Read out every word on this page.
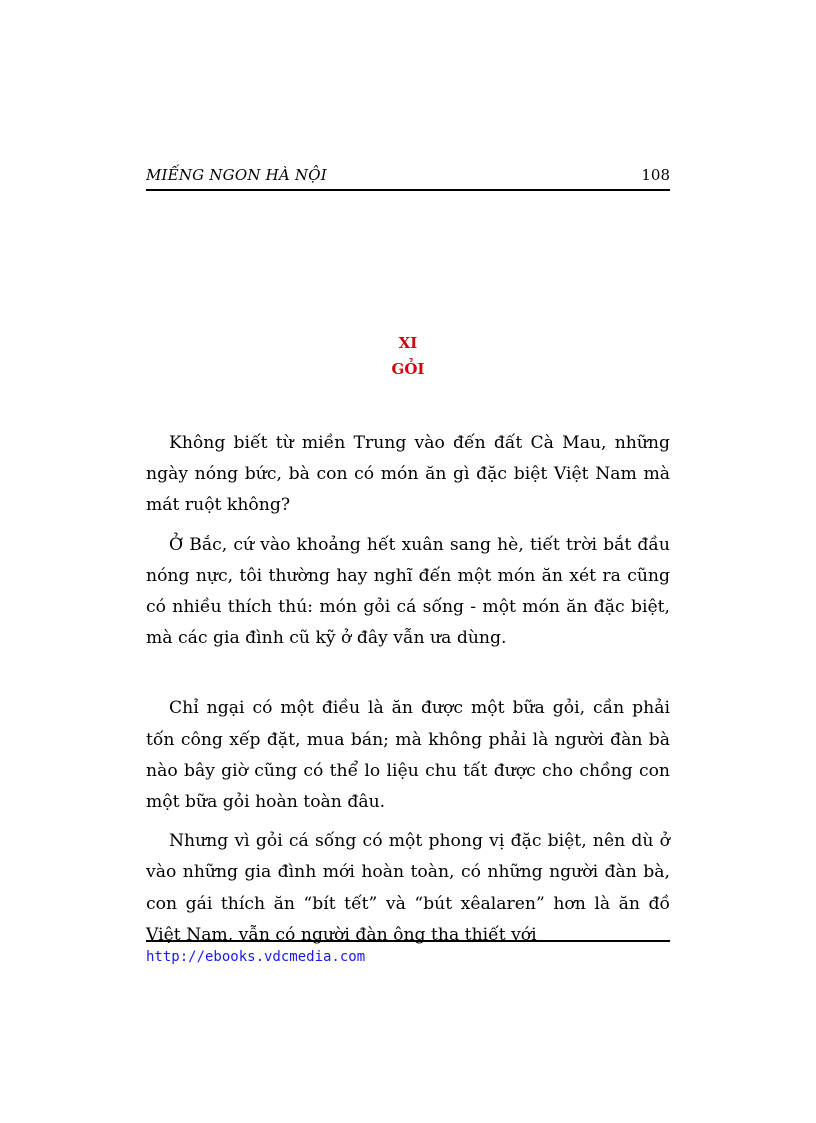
MIẾNG NGON HÀ NỘI	108
XI
GỎI

Không biết từ miền Trung vào đến đất Cà Mau, những ngày nóng bức, bà con có món ăn gì đặc biệt Việt Nam mà mát ruột không?

Ở Bắc, cứ vào khoảng hết xuân sang hè, tiết trời bắt đầu nóng nực, tôi thường hay nghĩ đến một món ăn xét ra cũng có nhiều thích thú: món gỏi cá sống - một món ăn đặc biệt, mà các gia đình cũ kỹ ở đây vẫn ưa dùng.

Chỉ ngại có một điều là ăn được một bữa gỏi, cần phải tốn công xếp đặt, mua bán; mà không phải là người đàn bà nào bây giờ cũng có thể lo liệu chu tất được cho chồng con một bữa gỏi hoàn toàn đâu.

Nhưng vì gỏi cá sống có một phong vị đặc biệt, nên dù ở vào những gia đình mới hoàn toàn, có những người đàn bà, con gái thích ăn “bít tết” và “bút xêalaren” hơn là ăn đồ Việt Nam, vẫn có người đàn ông tha thiết với

http://ebooks.vdcmedia.com
